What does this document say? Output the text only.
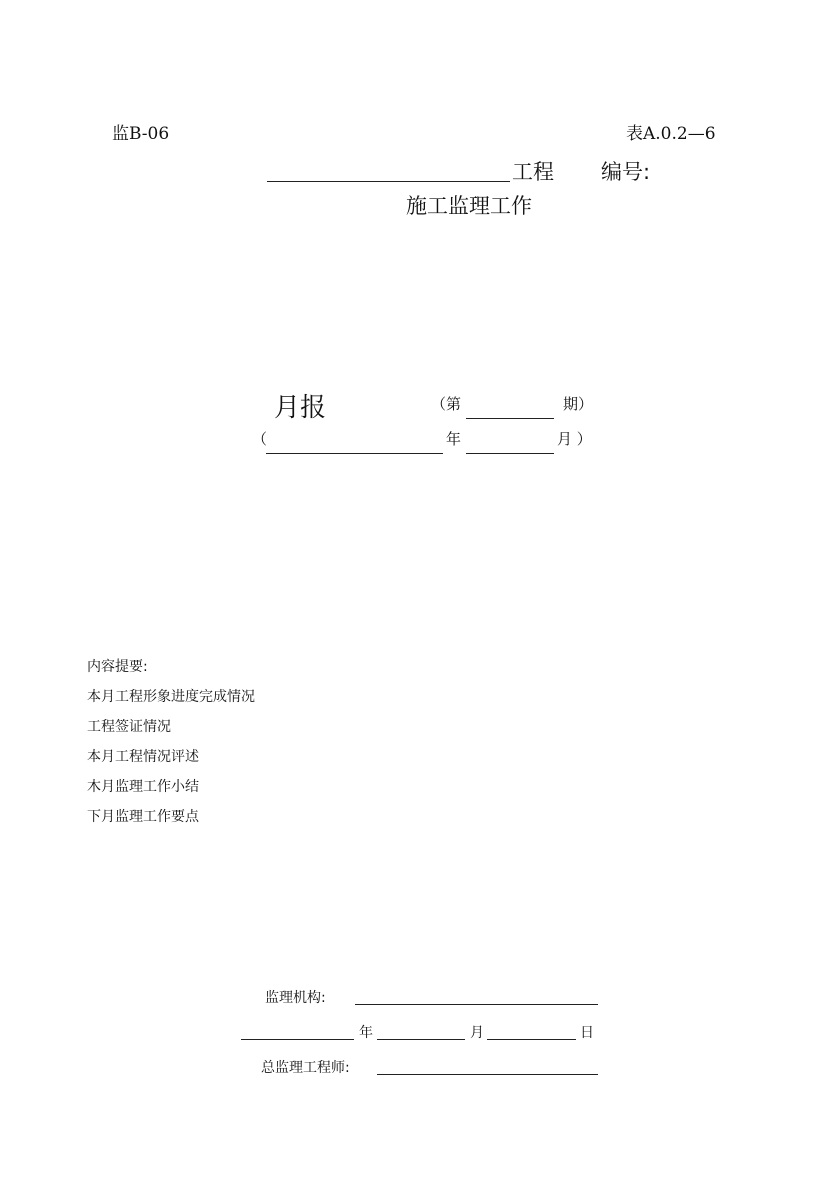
监B-06	表A.0.2—6
工程 编号:
施工监理工作
月报	（第	期）
（	年	月 ）
内容提要:
本月工程形象进度完成情况
工程签证情况
本月工程情况评述
木月监理工作小结
下月监理工作要点
监理机构:
年	月	日
总监理工程师:
